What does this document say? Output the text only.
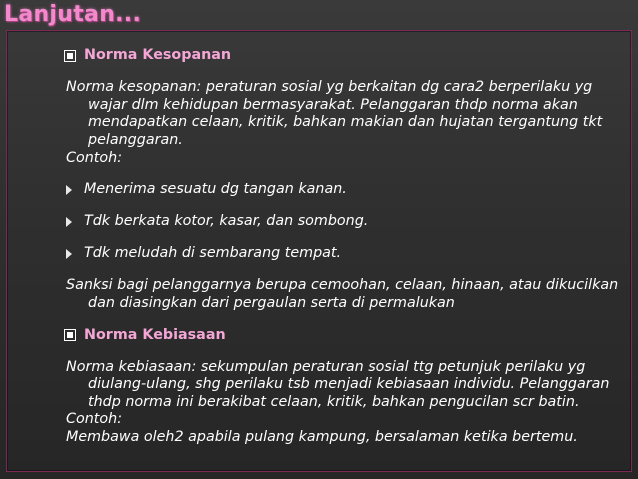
Lanjutan...

Norma Kesopanan

Norma kesopanan: peraturan sosial yg berkaitan dg cara2 berperilaku yg wajar dlm kehidupan bermasyarakat. Pelanggaran thdp norma akan mendapatkan celaan, kritik, bahkan makian dan hujatan tergantung tkt pelanggaran.

Contoh:

Menerima sesuatu dg tangan kanan.

Tdk berkata kotor, kasar, dan sombong.

Tdk meludah di sembarang tempat.

Sanksi bagi pelanggarnya berupa cemoohan, celaan, hinaan, atau dikucilkan dan diasingkan dari pergaulan serta di permalukan

Norma Kebiasaan

Norma kebiasaan: sekumpulan peraturan sosial ttg petunjuk perilaku yg diulang-ulang, shg perilaku tsb menjadi kebiasaan individu. Pelanggaran thdp norma ini berakibat celaan, kritik, bahkan pengucilan scr batin.

Contoh:

Membawa oleh2 apabila pulang kampung, bersalaman ketika bertemu.
